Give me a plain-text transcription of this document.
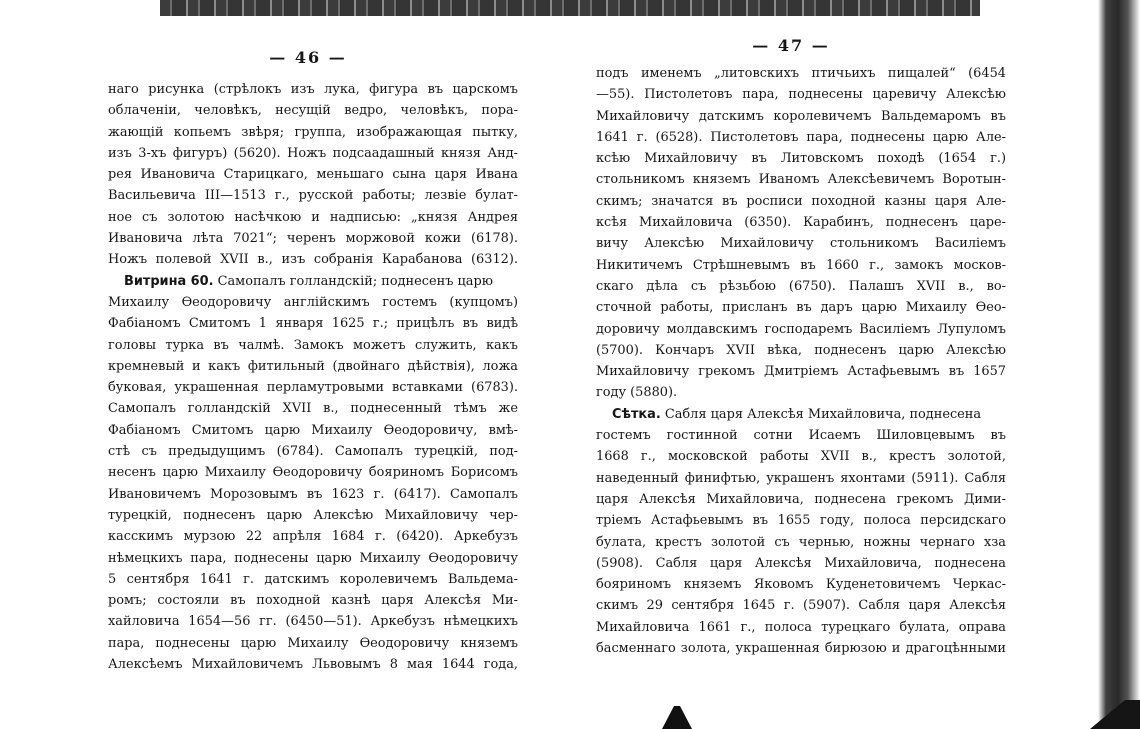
— 46 —
наго рисунка (стрѣлокъ изъ лука, фигура въ царскомъ
облаченіи, человѣкъ, несущій ведро, человѣкъ, пора-
жающій копьемъ звѣря; группа, изображающая пытку,
изъ 3-хъ фигуръ) (5620). Ножъ подсаадашный князя Анд-
рея Ивановича Старицкаго, меньшаго сына царя Ивана
Васильевича III—1513 г., русской работы; лезвіе булат-
ное съ золотою насѣчкою и надписью: „князя Андрея
Ивановича лѣта 7021“; черенъ моржовой кожи (6178).
Ножъ полевой XVII в., изъ собранія Карабанова (6312).
Витрина 60. Самопалъ голландскій; поднесенъ царю
Михаилу Ѳеодоровичу англійскимъ гостемъ (купцомъ)
Фабіаномъ Смитомъ 1 января 1625 г.; прицѣлъ въ видѣ
головы турка въ чалмѣ. Замокъ можетъ служить, какъ
кремневый и какъ фитильный (двойнаго дѣйствія), ложа
буковая, украшенная перламутровыми вставками (6783).
Самопалъ голландскій XVII в., поднесенный тѣмъ же
Фабіаномъ Смитомъ царю Михаилу Ѳеодоровичу, вмѣ-
стѣ съ предыдущимъ (6784). Самопалъ турецкій, под-
несенъ царю Михаилу Ѳеодоровичу бояриномъ Борисомъ
Ивановичемъ Морозовымъ въ 1623 г. (6417). Самопалъ
турецкій, поднесенъ царю Алексѣю Михайловичу чер-
касскимъ мурзою 22 апрѣля 1684 г. (6420). Аркебузъ
нѣмецкихъ пара, поднесены царю Михаилу Ѳеодоровичу
5 сентября 1641 г. датскимъ королевичемъ Вальдема-
ромъ; состояли въ походной казнѣ царя Алексѣя Ми-
хайловича 1654—56 гг. (6450—51). Аркебузъ нѣмецкихъ
пара, поднесены царю Михаилу Ѳеодоровичу княземъ
Алексѣемъ Михайловичемъ Львовымъ 8 мая 1644 года,
— 47 —
подъ именемъ „литовскихъ птичьихъ пищалей“ (6454
—55). Пистолетовъ пара, поднесены царевичу Алексѣю
Михайловичу датскимъ королевичемъ Вальдемаромъ въ
1641 г. (6528). Пистолетовъ пара, поднесены царю Але-
ксѣю Михайловичу въ Литовскомъ походѣ (1654 г.)
стольникомъ княземъ Иваномъ Алексѣевичемъ Воротын-
скимъ; значатся въ росписи походной казны царя Але-
ксѣя Михайловича (6350). Карабинъ, поднесенъ царе-
вичу Алексѣю Михайловичу стольникомъ Василіемъ
Никитичемъ Стрѣшневымъ въ 1660 г., замокъ москов-
скаго дѣла съ рѣзьбою (6750). Палашъ XVII в., во-
сточной работы, присланъ въ даръ царю Михаилу Ѳео-
доровичу молдавскимъ господаремъ Василіемъ Лупуломъ
(5700). Кончаръ XVII вѣка, поднесенъ царю Алексѣю
Михайловичу грекомъ Дмитріемъ Астафьевымъ въ 1657
году (5880).
Сѣтка. Сабля царя Алексѣя Михайловича, поднесена
гостемъ гостинной сотни Исаемъ Шиловцевымъ въ
1668 г., московской работы XVII в., крестъ золотой,
наведенный финифтью, украшенъ яхонтами (5911). Сабля
царя Алексѣя Михайловича, поднесена грекомъ Дими-
тріемъ Астафьевымъ въ 1655 году, полоса персидскаго
булата, крестъ золотой съ чернью, ножны чернаго хза
(5908). Сабля царя Алексѣя Михайловича, поднесена
бояриномъ княземъ Яковомъ Куденетовичемъ Черкас-
скимъ 29 сентября 1645 г. (5907). Сабля царя Алексѣя
Михайловича 1661 г., полоса турецкаго булата, оправа
басменнаго золота, украшенная бирюзою и драгоцѣнными
